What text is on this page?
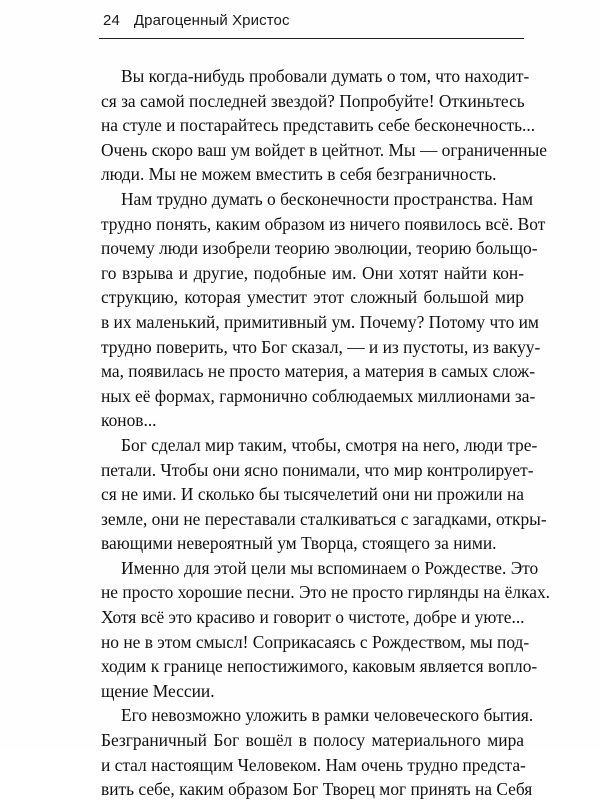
24 Драгоценный Христос
Вы когда-нибудь пробовали думать о том, что находит-
ся за самой последней звездой? Попробуйте! Откиньтесь
на стуле и постарайтесь представить себе бесконечность...
Очень скоро ваш ум войдет в цейтнот. Мы — ограниченные
люди. Мы не можем вместить в себя безграничность.
Нам трудно думать о бесконечности пространства. Нам
трудно понять, каким образом из ничего появилось всё. Вот
почему люди изобрели теорию эволюции, теорию больщо-
го взрыва и другие, подобные им. Они хотят найти кон-
струкцию, которая уместит этот сложный большой мир
в их маленький, примитивный ум. Почему? Потому что им
трудно поверить, что Бог сказал, — и из пустоты, из вакуу-
ма, появилась не просто материя, а материя в самых слож-
ных её формах, гармонично соблюдаемых миллионами за-
конов...
Бог сделал мир таким, чтобы, смотря на него, люди тре-
петали. Чтобы они ясно понимали, что мир контролирует-
ся не ими. И сколько бы тысячелетий они ни прожили на
земле, они не переставали сталкиваться с загадками, откры-
вающими невероятный ум Творца, стоящего за ними.
Именно для этой цели мы вспоминаем о Рождестве. Это
не просто хорошие песни. Это не просто гирлянды на ёлках.
Хотя всё это красиво и говорит о чистоте, добре и уюте...
но не в этом смысл! Соприкасаясь с Рождеством, мы под-
ходим к границе непостижимого, каковым является вопло-
щение Мессии.
Его невозможно уложить в рамки человеческого бытия.
Безграничный Бог вошёл в полосу материального мира
и стал настоящим Человеком. Нам очень трудно предста-
вить себе, каким образом Бог Творец мог принять на Себя
